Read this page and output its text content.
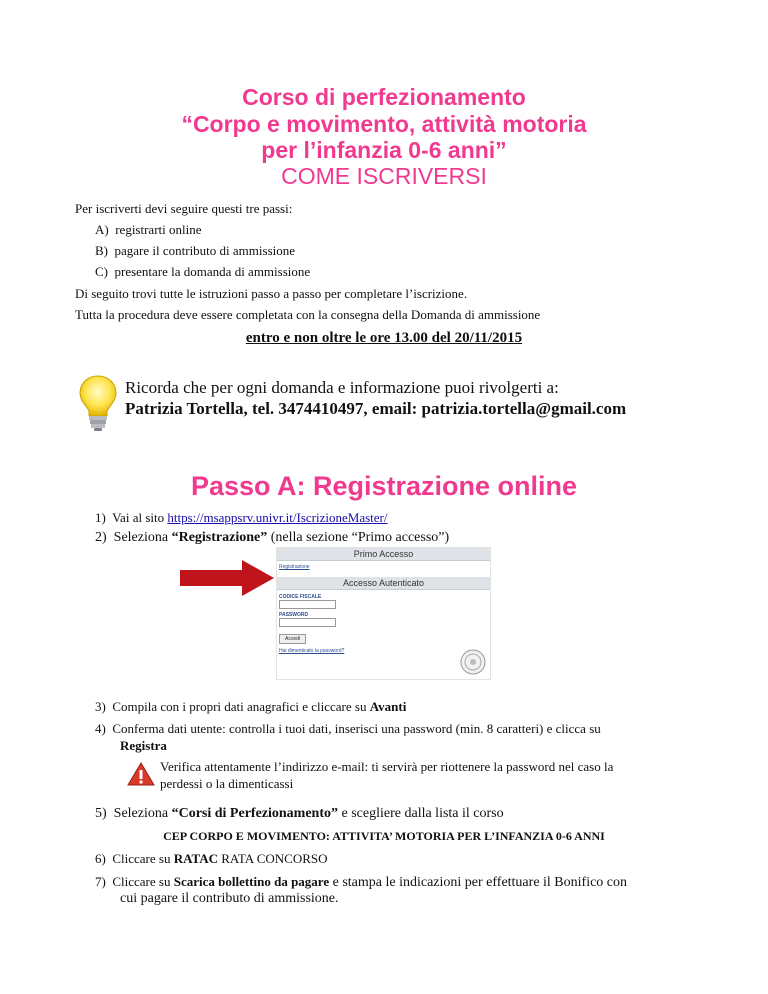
Corso di perfezionamento
“Corpo e movimento, attività motoria
per l’infanzia 0-6 anni”
COME ISCRIVERSI
Per iscriverti devi seguire questi tre passi:
A) registrarti online
B) pagare il contributo di ammissione
C) presentare la domanda di ammissione
Di seguito trovi tutte le istruzioni passo a passo per completare l’iscrizione.
Tutta la procedura deve essere completata con la consegna della Domanda di ammissione
entro e non oltre le ore 13.00 del 20/11/2015
Ricorda che per ogni domanda e informazione puoi rivolgerti a:
Patrizia Tortella, tel. 3474410497, email: patrizia.tortella@gmail.com
Passo A: Registrazione online
1) Vai al sito https://msappsrv.univr.it/IscrizioneMaster/
2) Seleziona “Registrazione” (nella sezione “Primo accesso”)
Primo Accesso
Registrazione
Accesso Autenticato
CODICE FISCALE
PASSWORD
Accedi
Hai dimenticato la password?
3) Compila con i propri dati anagrafici e cliccare su Avanti
4) Conferma dati utente: controlla i tuoi dati, inserisci una password (min. 8 caratteri) e clicca su
Registra
Verifica attentamente l’indirizzo e-mail: ti servirà per riottenere la password nel caso la
perdessi o la dimenticassi
5) Seleziona “Corsi di Perfezionamento” e scegliere dalla lista il corso
CEP CORPO E MOVIMENTO: ATTIVITA’ MOTORIA PER L’INFANZIA 0-6 ANNI
6) Cliccare su RATAC RATA CONCORSO
7) Cliccare su Scarica bollettino da pagare e stampa le indicazioni per effettuare il Bonifico con
cui pagare il contributo di ammissione.
